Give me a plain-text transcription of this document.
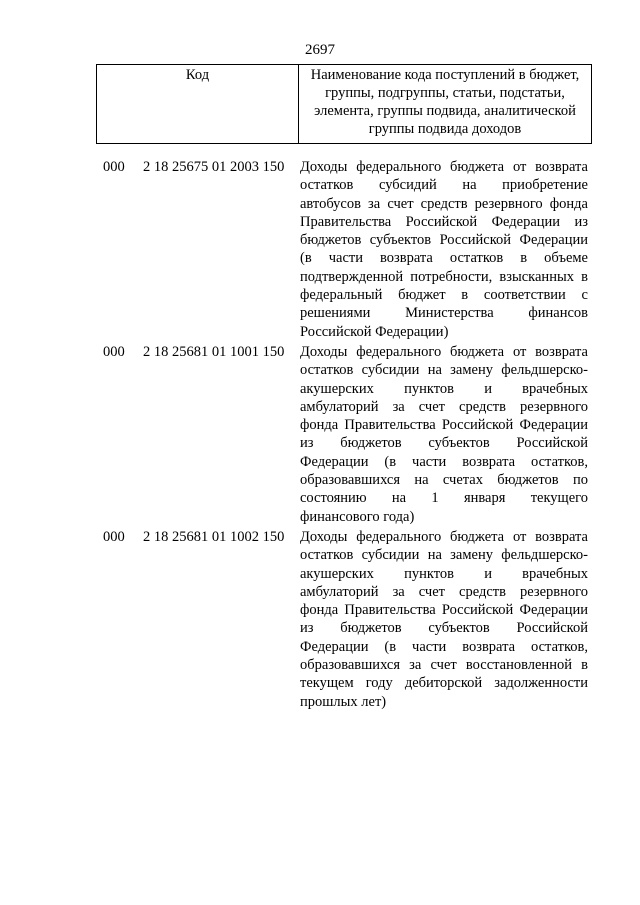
2697
Код	Наименование кода поступлений в бюджет,
группы, подгруппы, статьи, подстатьи,
элемента, группы подвида, аналитической
группы подвида доходов
000 2 18 25675 01 2003 150 Доходы федерального бюджета от возврата
остатков субсидий на приобретение
автобусов за счет средств резервного фонда
Правительства Российской Федерации из
бюджетов субъектов Российской Федерации
(в части возврата остатков в объеме
подтвержденной потребности, взысканных в
федеральный бюджет в соответствии с
решениями Министерства финансов
Российской Федерации)
000 2 18 25681 01 1001 150 Доходы федерального бюджета от возврата
остатков субсидии на замену фельдшерско-
акушерских пунктов и врачебных
амбулаторий за счет средств резервного
фонда Правительства Российской Федерации
из бюджетов субъектов Российской
Федерации (в части возврата остатков,
образовавшихся на счетах бюджетов по
состоянию на 1 января текущего
финансового года)
000 2 18 25681 01 1002 150 Доходы федерального бюджета от возврата
остатков субсидии на замену фельдшерско-
акушерских пунктов и врачебных
амбулаторий за счет средств резервного
фонда Правительства Российской Федерации
из бюджетов субъектов Российской
Федерации (в части возврата остатков,
образовавшихся за счет восстановленной в
текущем году дебиторской задолженности
прошлых лет)
